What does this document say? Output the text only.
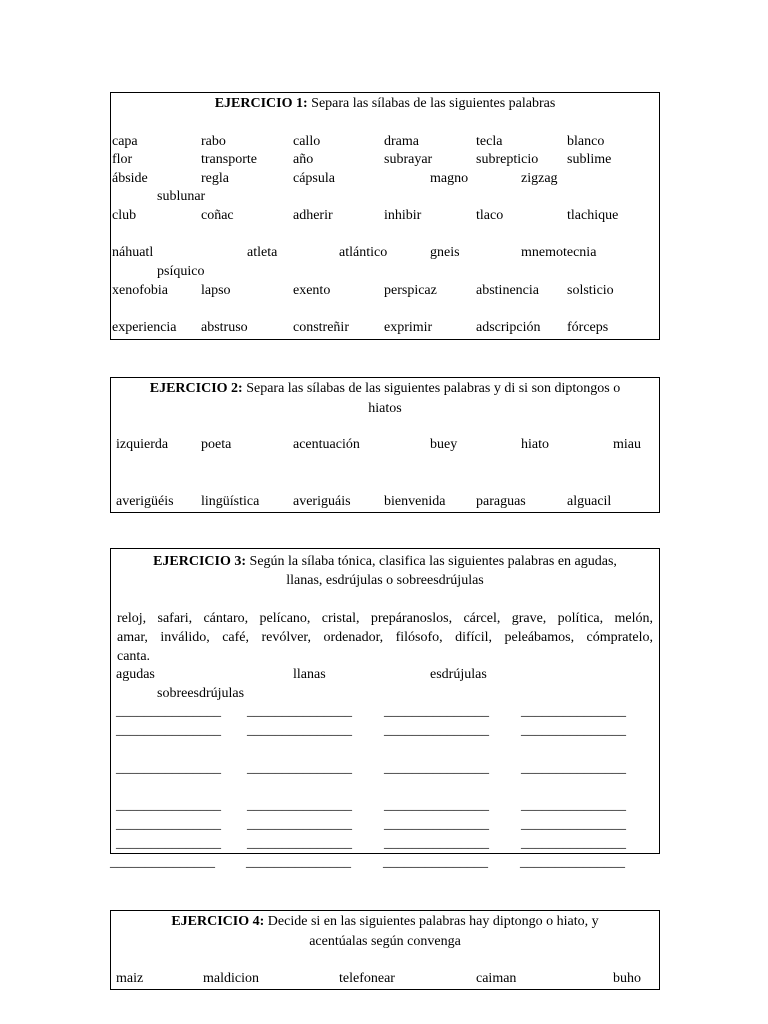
EJERCICIO 1: Separa las sílabas de las siguientes palabras
capa	rabo	callo	drama	tecla	blanco
flor	transporte	año	subrayar	subrepticio sublime
ábside	regla	cápsula	magno	zigzag
sublunar
club	coñac	adherir	inhibir	tlaco	tlachique
náhuatl	atleta	atlántico	gneis	mnemotecnia
psíquico
xenofobia lapso	exento	perspicaz	abstinencia solsticio
experiencia abstruso	constreñir	exprimir	adscripción fórceps
EJERCICIO 2: Separa las sílabas de las siguientes palabras y di si son diptongos o
hiatos
izquierda poeta	acentuación	buey	hiato	miau
averigüéis lingüística averiguáis bienvenida paraguas	alguacil
EJERCICIO 3: Según la sílaba tónica, clasifica las siguientes palabras en agudas,
llanas, esdrújulas o sobreesdrújulas
reloj, safari, cántaro, pelícano, cristal, prepáranoslos, cárcel, grave, política, melón,
amar, inválido, café, revólver, ordenador, filósofo, difícil, peleábamos, cómpratelo,
canta.
agudas	llanas	esdrújulas
sobreesdrújulas
_______________ _______________ _______________ _______________
_______________ _______________ _______________ _______________
_______________ _______________ _______________ _______________
_______________ _______________ _______________ _______________
_______________ _______________ _______________ _______________
_______________ _______________ _______________ _______________
_______________ _______________ _______________ _______________
EJERCICIO 4: Decide si en las siguientes palabras hay diptongo o hiato, y
acentúalas según convenga
maiz	maldicion	telefonear	caiman	buho
